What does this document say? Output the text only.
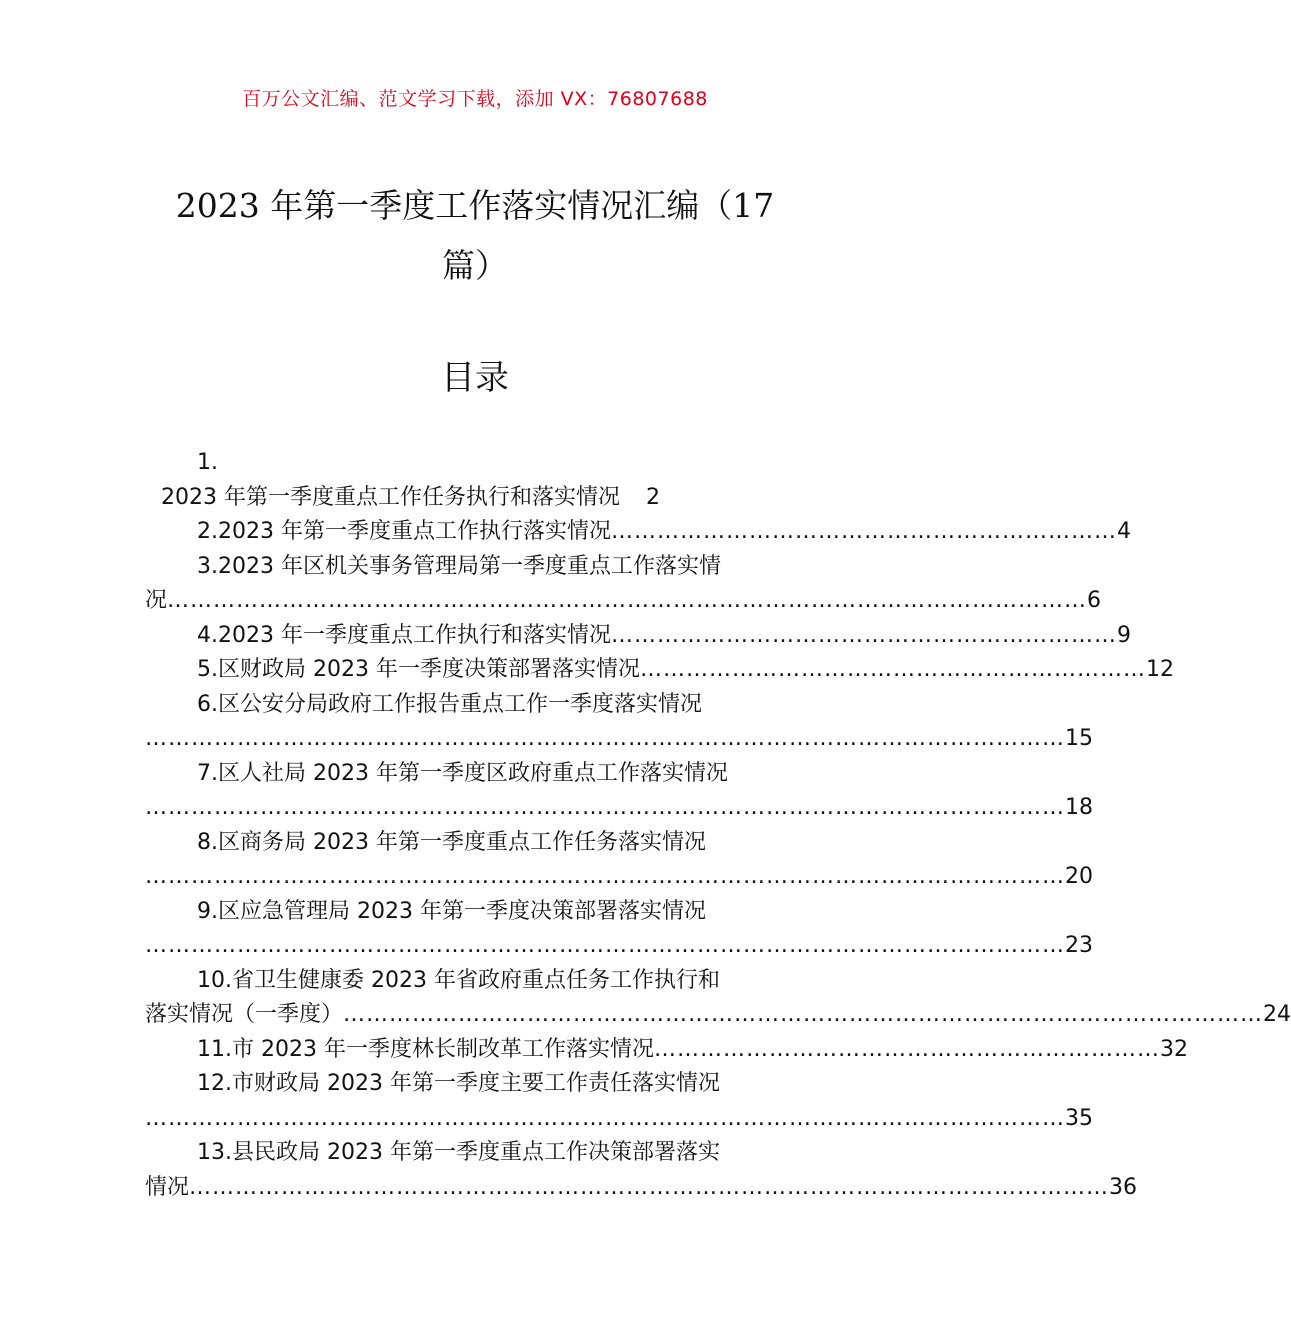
百万公文汇编、范文学习下载，添加 VX：76807688
2023 年第一季度工作落实情况汇编（17
篇）
目录
1.
2023 年第一季度重点工作任务执行和落实情况 2
2.2023 年第一季度重点工作执行落实情况 ………………………………………………………… 4
3.2023 年区机关事务管理局第一季度重点工作落实情
况 ………………………………………………………………………………………………………… 6
4.2023 年一季度重点工作执行和落实情况 ………………………………………………………… 9
5.区财政局 2023 年一季度决策部署落实情况 ………………………………………………………… 12
6.区公安分局政府工作报告重点工作一季度落实情况
………………………………………………………………………………………………………… 15
7.区人社局 2023 年第一季度区政府重点工作落实情况
………………………………………………………………………………………………………… 18
8.区商务局 2023 年第一季度重点工作任务落实情况
………………………………………………………………………………………………………… 20
9.区应急管理局 2023 年第一季度决策部署落实情况
………………………………………………………………………………………………………… 23
10.省卫生健康委 2023 年省政府重点任务工作执行和
落实情况（一季度） ………………………………………………………………………………………………………… 24
11.市 2023 年一季度林长制改革工作落实情况 ………………………………………………………… 32
12.市财政局 2023 年第一季度主要工作责任落实情况
………………………………………………………………………………………………………… 35
13.县民政局 2023 年第一季度重点工作决策部署落实
情况 ………………………………………………………………………………………………………… 36
